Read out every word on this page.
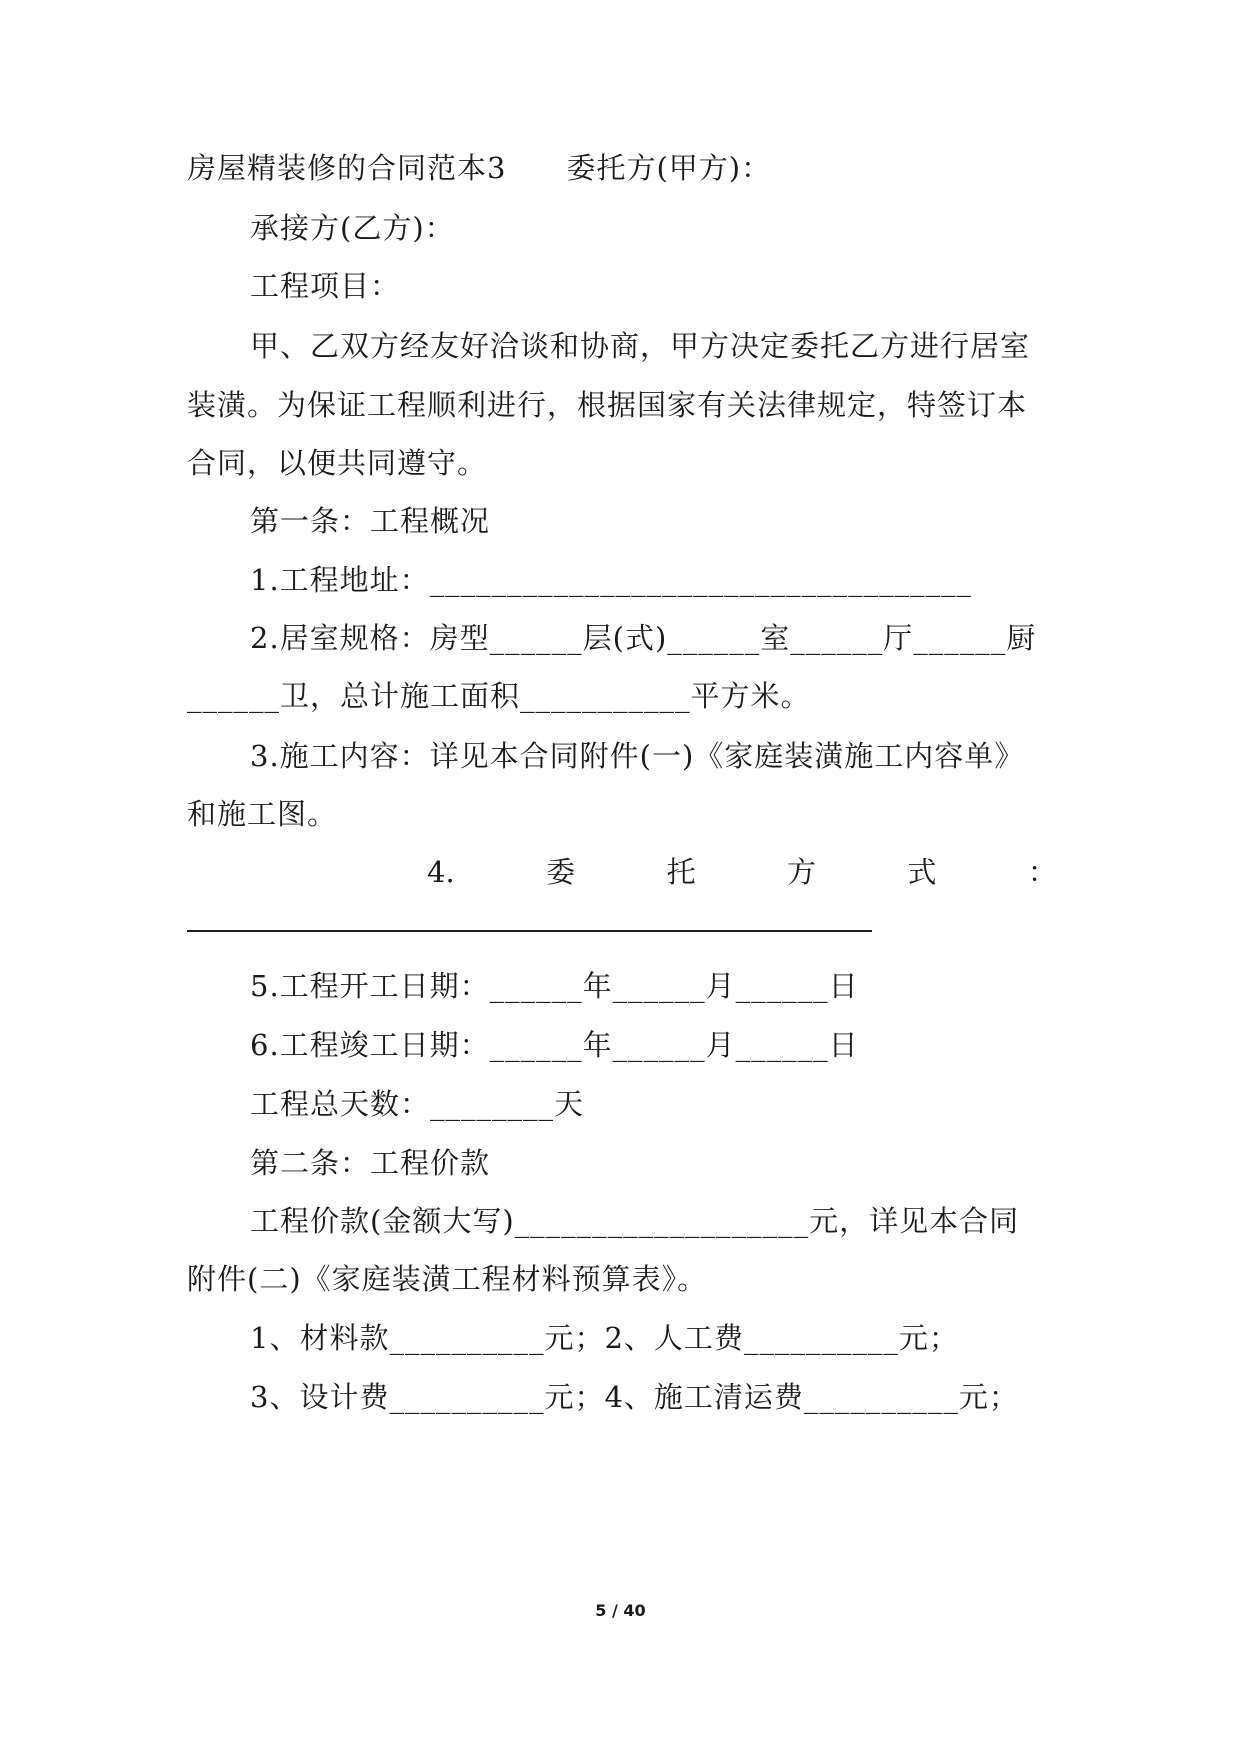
房屋精装修的合同范本3　　委托方(甲方)：
承接方(乙方)：
工程项目：
甲、乙双方经友好洽谈和协商，甲方决定委托乙方进行居室
装潢。为保证工程顺利进行，根据国家有关法律规定，特签订本
合同，以便共同遵守。
第一条：工程概况
1.工程地址：___________________________________
2.居室规格：房型______层(式)______室______厅______厨
______卫，总计施工面积___________平方米。
3.施工内容：详见本合同附件(一)《家庭装潢施工内容单》
和施工图。
4.	委	托	方	式	：
5.工程开工日期：______年______月______日
6.工程竣工日期：______年______月______日
工程总天数：________天
第二条：工程价款
工程价款(金额大写)___________________元，详见本合同
附件(二)《家庭装潢工程材料预算表》。
1、材料款__________元；2、人工费__________元；
3、设计费__________元；4、施工清运费__________元；
5 / 40
